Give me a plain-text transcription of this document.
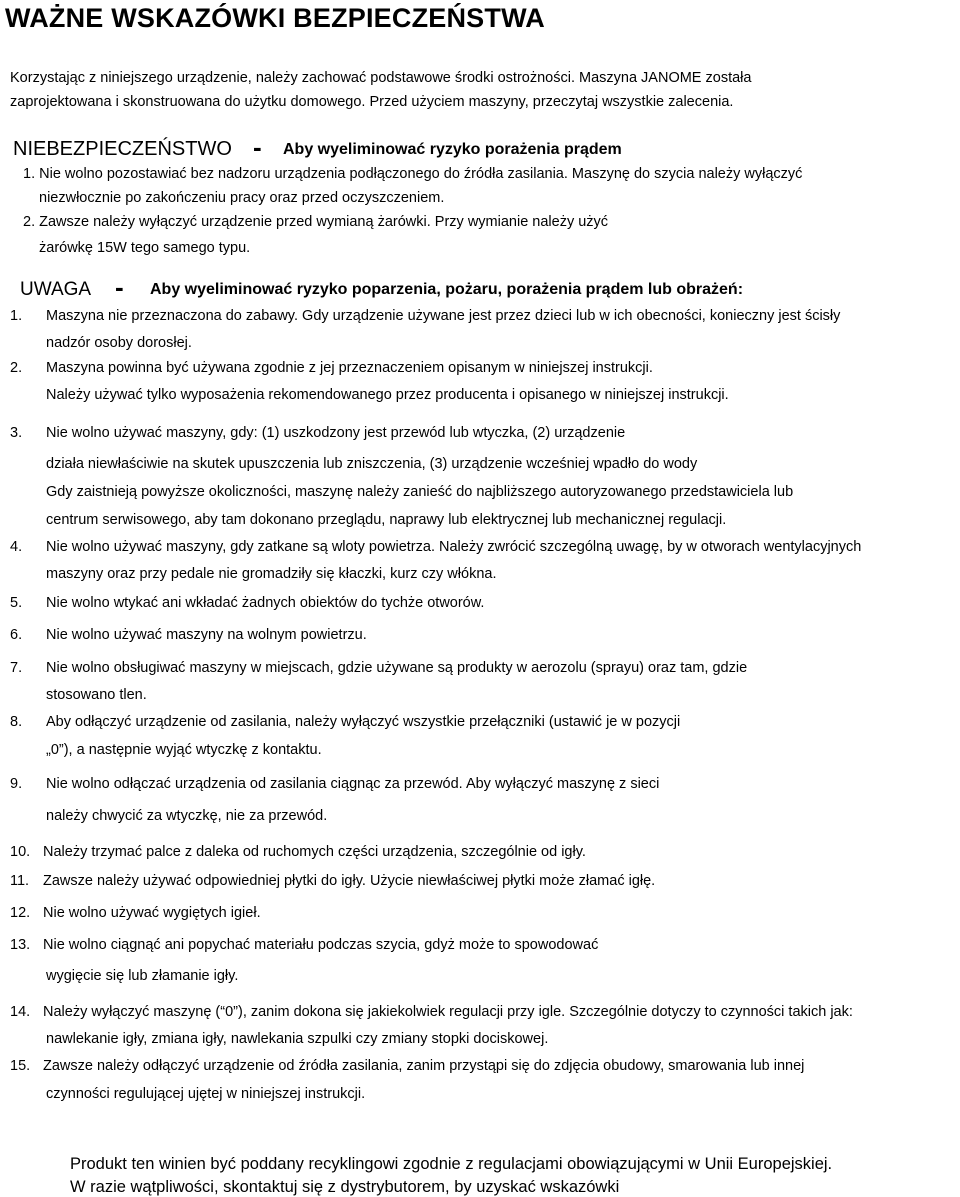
WAŻNE WSKAZÓWKI BEZPIECZEŃSTWA
Korzystając z niniejszego urządzenie, należy zachować podstawowe środki ostrożności. Maszyna JANOME została
zaprojektowana i skonstruowana do użytku domowego. Przed użyciem maszyny, przeczytaj wszystkie zalecenia.
NIEBEZPIECZEŃSTWO - Aby wyeliminować ryzyko porażenia prądem
1. Nie wolno pozostawiać bez nadzoru urządzenia podłączonego do źródła zasilania. Maszynę do szycia należy wyłączyć
niezwłocznie po zakończeniu pracy oraz przed oczyszczeniem.
2. Zawsze należy wyłączyć urządzenie przed wymianą żarówki. Przy wymianie należy użyć
żarówkę 15W tego samego typu.
UWAGA - Aby wyeliminować ryzyko poparzenia, pożaru, porażenia prądem lub obrażeń:
1. Maszyna nie przeznaczona do zabawy. Gdy urządzenie używane jest przez dzieci lub w ich obecności, konieczny jest ścisły
nadzór osoby dorosłej.
2. Maszyna powinna być używana zgodnie z jej przeznaczeniem opisanym w niniejszej instrukcji.
Należy używać tylko wyposażenia rekomendowanego przez producenta i opisanego w niniejszej instrukcji.
3. Nie wolno używać maszyny, gdy: (1) uszkodzony jest przewód lub wtyczka, (2) urządzenie
działa niewłaściwie na skutek upuszczenia lub zniszczenia, (3) urządzenie wcześniej wpadło do wody
Gdy zaistnieją powyższe okoliczności, maszynę należy zanieść do najbliższego autoryzowanego przedstawiciela lub
centrum serwisowego, aby tam dokonano przeglądu, naprawy lub elektrycznej lub mechanicznej regulacji.
4. Nie wolno używać maszyny, gdy zatkane są wloty powietrza. Należy zwrócić szczególną uwagę, by w otworach wentylacyjnych
maszyny oraz przy pedale nie gromadziły się kłaczki, kurz czy włókna.
5. Nie wolno wtykać ani wkładać żadnych obiektów do tychże otworów.
6. Nie wolno używać maszyny na wolnym powietrzu.
7. Nie wolno obsługiwać maszyny w miejscach, gdzie używane są produkty w aerozolu (sprayu) oraz tam, gdzie
stosowano tlen.
8. Aby odłączyć urządzenie od zasilania, należy wyłączyć wszystkie przełączniki (ustawić je w pozycji
„0”), a następnie wyjąć wtyczkę z kontaktu.
9. Nie wolno odłączać urządzenia od zasilania ciągnąc za przewód. Aby wyłączyć maszynę z sieci
należy chwycić za wtyczkę, nie za przewód.
10. Należy trzymać palce z daleka od ruchomych części urządzenia, szczególnie od igły.
11. Zawsze należy używać odpowiedniej płytki do igły. Użycie niewłaściwej płytki może złamać igłę.
12. Nie wolno używać wygiętych igieł.
13. Nie wolno ciągnąć ani popychać materiału podczas szycia, gdyż może to spowodować
wygięcie się lub złamanie igły.
14. Należy wyłączyć maszynę (“0”), zanim dokona się jakiekolwiek regulacji przy igle. Szczególnie dotyczy to czynności takich jak:
nawlekanie igły, zmiana igły, nawlekania szpulki czy zmiany stopki dociskowej.
15. Zawsze należy odłączyć urządzenie od źródła zasilania, zanim przystąpi się do zdjęcia obudowy, smarowania lub innej
czynności regulującej ujętej w niniejszej instrukcji.
Produkt ten winien być poddany recyklingowi zgodnie z regulacjami obowiązującymi w Unii Europejskiej.
W razie wątpliwości, skontaktuj się z dystrybutorem, by uzyskać wskazówki
